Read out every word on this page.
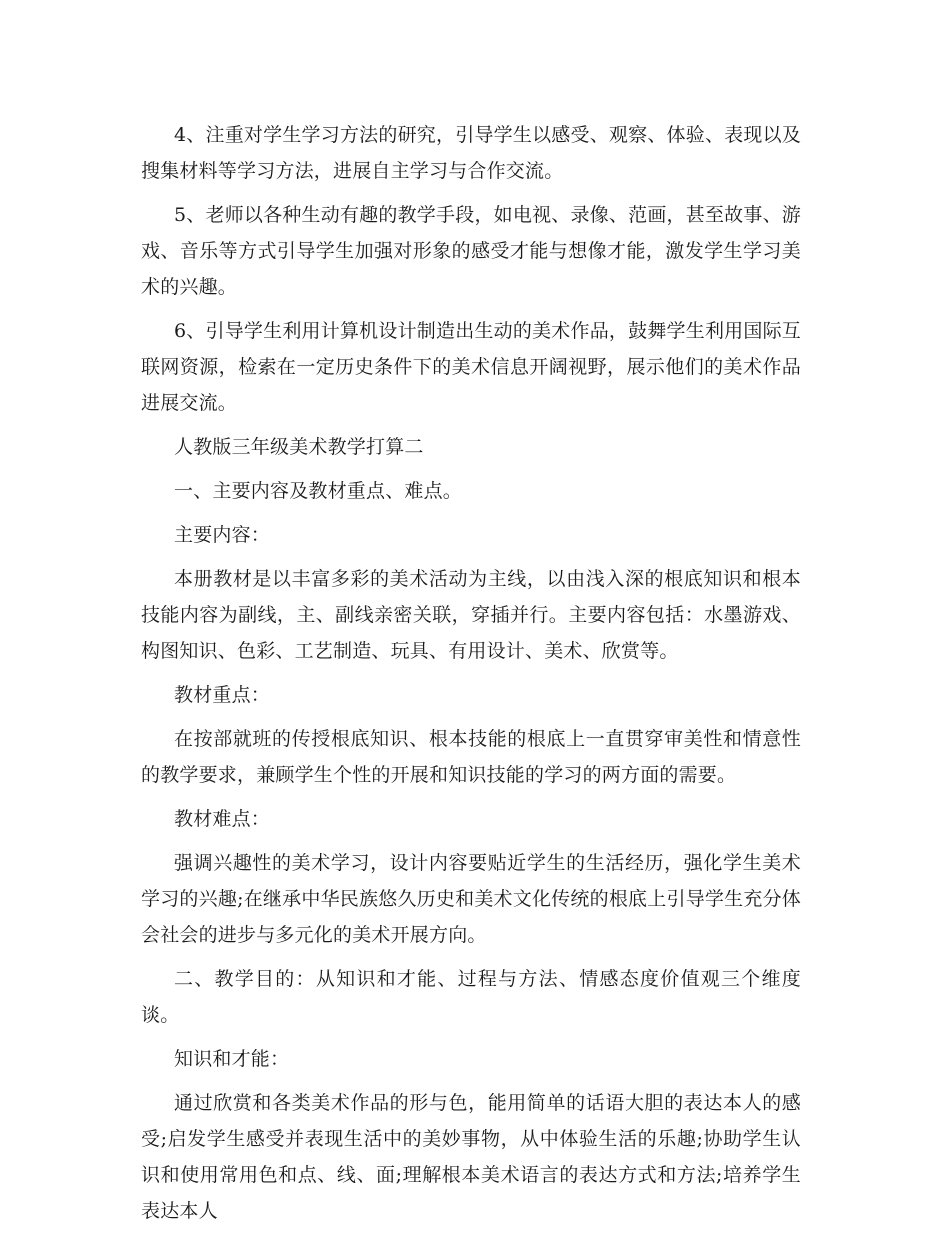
4、注重对学生学习方法的研究，引导学生以感受、观察、体验、表现以及搜集材料等学习方法，进展自主学习与合作交流。

5、老师以各种生动有趣的教学手段，如电视、录像、范画，甚至故事、游戏、音乐等方式引导学生加强对形象的感受才能与想像才能，激发学生学习美术的兴趣。

6、引导学生利用计算机设计制造出生动的美术作品，鼓舞学生利用国际互联网资源，检索在一定历史条件下的美术信息开阔视野，展示他们的美术作品进展交流。

人教版三年级美术教学打算二

一、主要内容及教材重点、难点。

主要内容：

本册教材是以丰富多彩的美术活动为主线，以由浅入深的根底知识和根本技能内容为副线，主、副线亲密关联，穿插并行。主要内容包括：水墨游戏、构图知识、色彩、工艺制造、玩具、有用设计、美术、欣赏等。

教材重点：

在按部就班的传授根底知识、根本技能的根底上一直贯穿审美性和情意性的教学要求，兼顾学生个性的开展和知识技能的学习的两方面的需要。

教材难点：

强调兴趣性的美术学习，设计内容要贴近学生的生活经历，强化学生美术学习的兴趣;在继承中华民族悠久历史和美术文化传统的根底上引导学生充分体会社会的进步与多元化的美术开展方向。

二、教学目的：从知识和才能、过程与方法、情感态度价值观三个维度谈。

知识和才能：

通过欣赏和各类美术作品的形与色，能用简单的话语大胆的表达本人的感受;启发学生感受并表现生活中的美妙事物，从中体验生活的乐趣;协助学生认识和使用常用色和点、线、面;理解根本美术语言的表达方式和方法;培养学生表达本人
